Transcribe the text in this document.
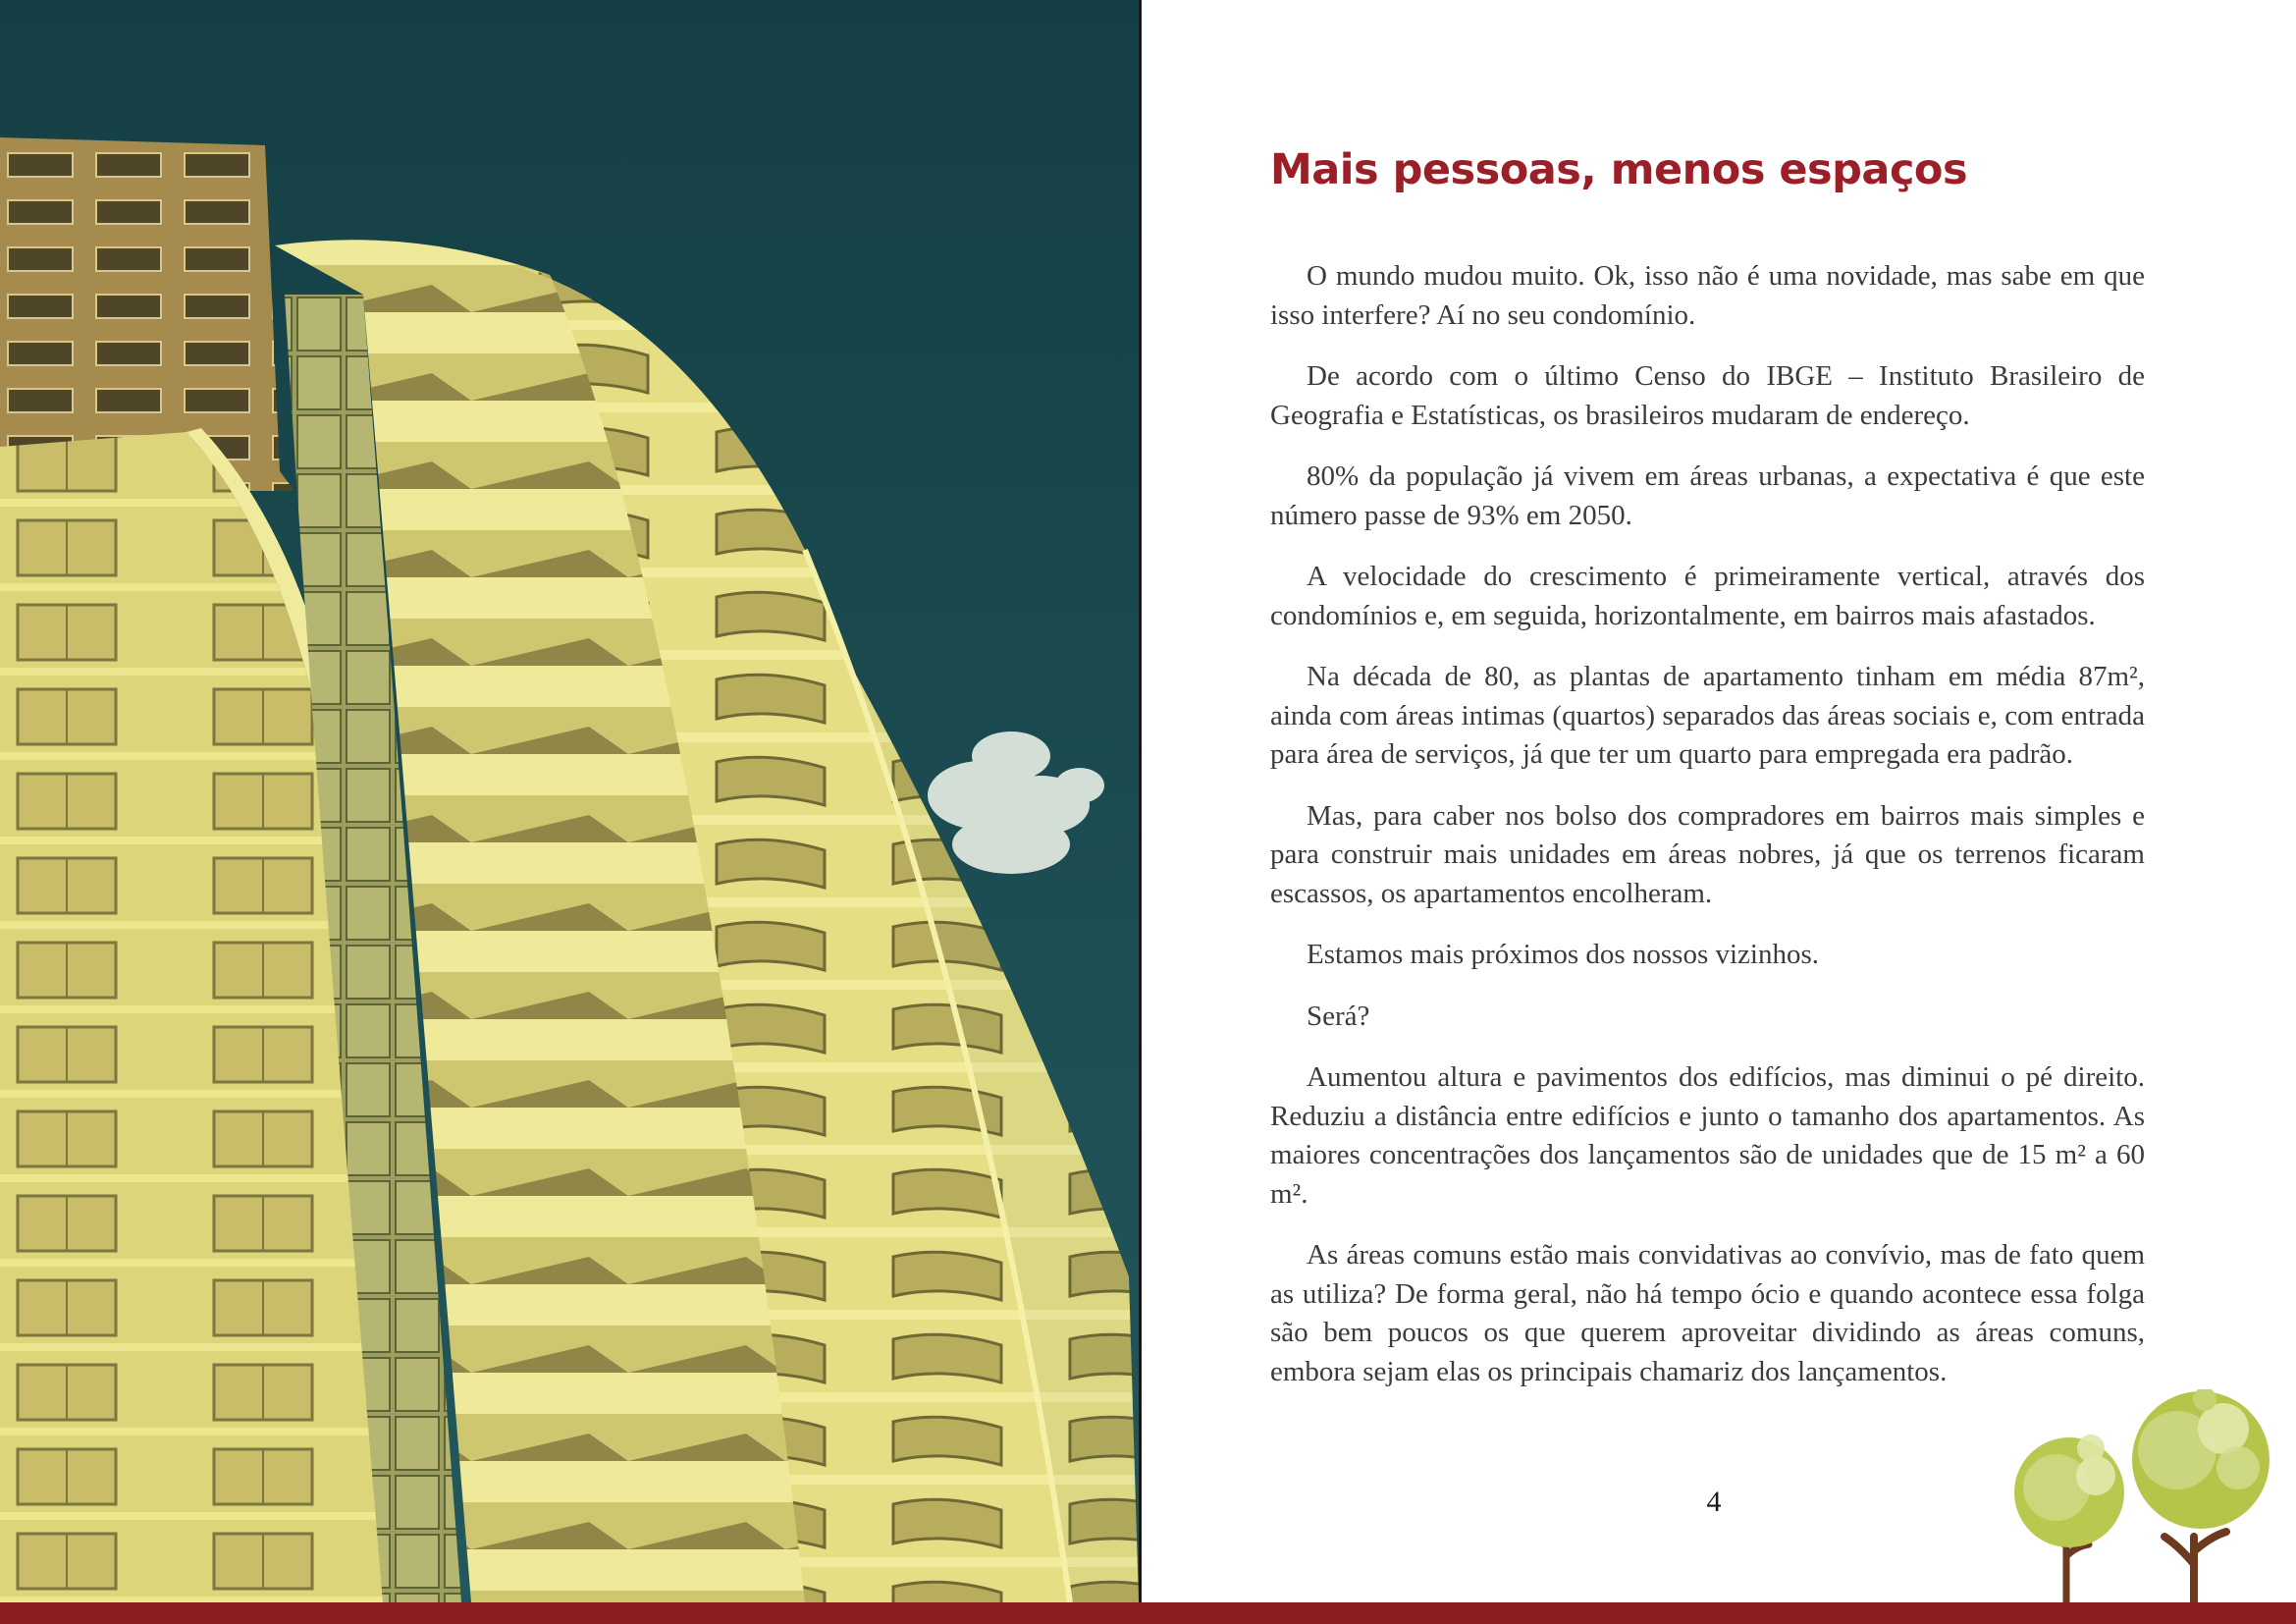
Mais pessoas, menos espaços

O mundo mudou muito. Ok, isso não é uma novidade, mas sabe em que isso interfere? Aí no seu condomínio.

De acordo com o último Censo do IBGE – Instituto Brasileiro de Geografia e Estatísticas, os brasileiros mudaram de endereço.

80% da população já vivem em áreas urbanas, a expectativa é que este número passe de 93% em 2050.

A velocidade do crescimento é primeiramente vertical, através dos condomínios e, em seguida, horizontalmente, em bairros mais afastados.

Na década de 80, as plantas de apartamento tinham em média 87m², ainda com áreas intimas (quartos) separados das áreas sociais e, com entrada para área de serviços, já que ter um quarto para empregada era padrão.

Mas, para caber nos bolso dos compradores em bairros mais simples e para construir mais unidades em áreas nobres, já que os terrenos ficaram escassos, os apartamentos encolheram.

Estamos mais próximos dos nossos vizinhos.

Será?

Aumentou altura e pavimentos dos edifícios, mas diminui o pé direito. Reduziu a distância entre edifícios e junto o tamanho dos apartamentos. As maiores concentrações dos lançamentos são de unidades que de 15 m² a 60 m².

As áreas comuns estão mais convidativas ao convívio, mas de fato quem as utiliza? De forma geral, não há tempo ócio e quando acontece essa folga são bem poucos os que querem aproveitar dividindo as áreas comuns, embora sejam elas os principais chamariz dos lançamentos.

4
